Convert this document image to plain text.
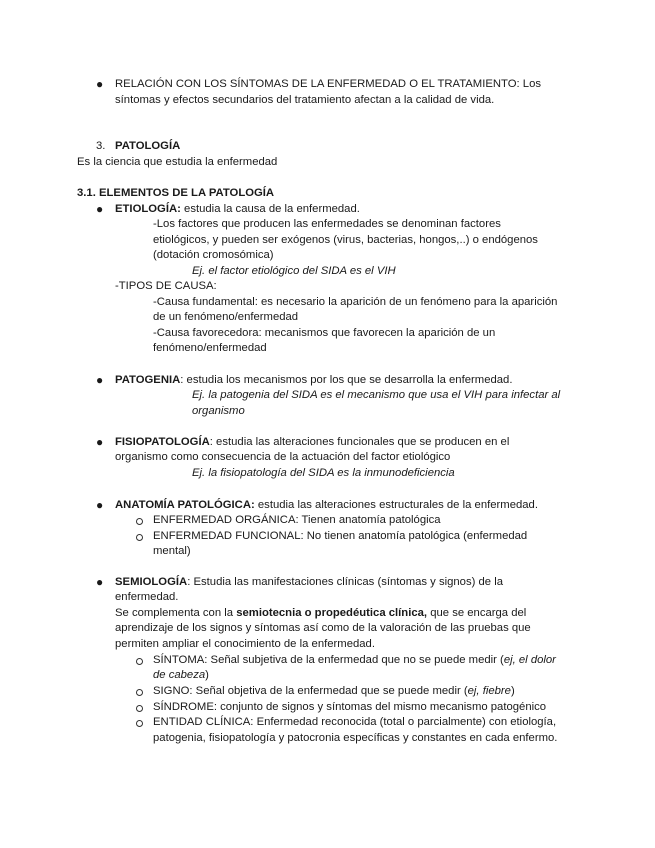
● RELACIÓN CON LOS SÍNTOMAS DE LA ENFERMEDAD O EL TRATAMIENTO: Los
síntomas y efectos secundarios del tratamiento afectan a la calidad de vida.
3. PATOLOGÍA
Es la ciencia que estudia la enfermedad
3.1. ELEMENTOS DE LA PATOLOGÍA
● ETIOLOGÍA: estudia la causa de la enfermedad.
-Los factores que producen las enfermedades se denominan factores
etiológicos, y pueden ser exógenos (virus, bacterias, hongos,..) o endógenos
(dotación cromosómica)
Ej. el factor etiológico del SIDA es el VIH
-TIPOS DE CAUSA:
-Causa fundamental: es necesario la aparición de un fenómeno para la aparición
de un fenómeno/enfermedad
-Causa favorecedora: mecanismos que favorecen la aparición de un
fenómeno/enfermedad
● PATOGENIA: estudia los mecanismos por los que se desarrolla la enfermedad.
Ej. la patogenia del SIDA es el mecanismo que usa el VIH para infectar al
organismo
● FISIOPATOLOGÍA: estudia las alteraciones funcionales que se producen en el
organismo como consecuencia de la actuación del factor etiológico
Ej. la fisiopatología del SIDA es la inmunodeficiencia
● ANATOMÍA PATOLÓGICA: estudia las alteraciones estructurales de la enfermedad.
ENFERMEDAD ORGÁNICA: Tienen anatomía patológica
ENFERMEDAD FUNCIONAL: No tienen anatomía patológica (enfermedad
mental)
● SEMIOLOGÍA: Estudia las manifestaciones clínicas (síntomas y signos) de la
enfermedad.
Se complementa con la semiotecnia o propedéutica clínica, que se encarga del
aprendizaje de los signos y síntomas así como de la valoración de las pruebas que
permiten ampliar el conocimiento de la enfermedad.
SÍNTOMA: Señal subjetiva de la enfermedad que no se puede medir (ej, el dolor
de cabeza)
SIGNO: Señal objetiva de la enfermedad que se puede medir (ej, fiebre)
SÍNDROME: conjunto de signos y síntomas del mismo mecanismo patogénico
ENTIDAD CLÍNICA: Enfermedad reconocida (total o parcialmente) con etiología,
patogenia, fisiopatología y patocronia específicas y constantes en cada enfermo.
